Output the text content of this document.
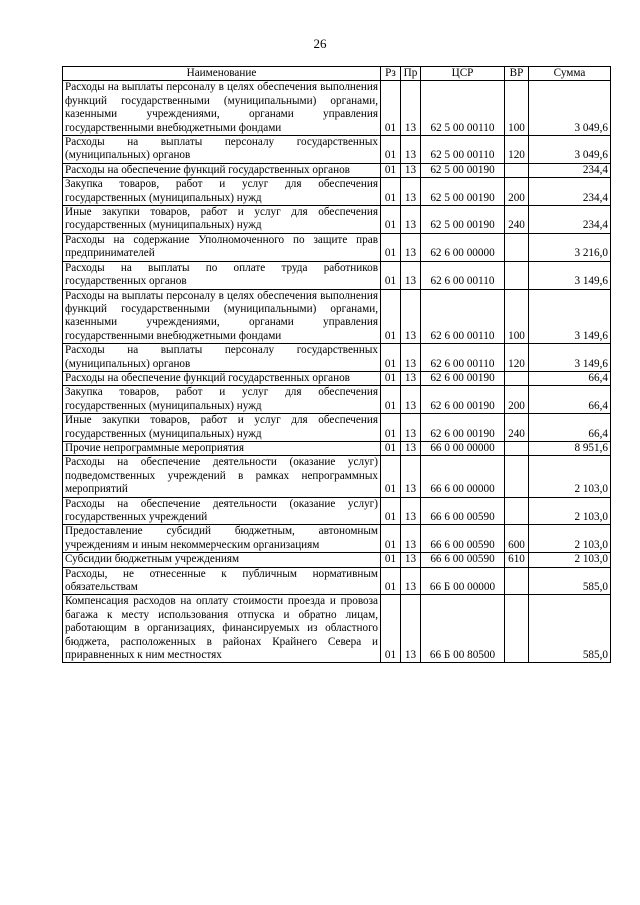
26
Наименование	Рз	Пр	ЦСР	ВР	Сумма
Расходы на выплаты персоналу в целях обеспечения выполнения функций государственными (муниципальными) органами, казенными учреждениями, органами управления государственными внебюджетными фондами	01	13	62 5 00 00110	100	3 049,6
Расходы на выплаты персоналу государственных (муниципальных) органов	01	13	62 5 00 00110	120	3 049,6
Расходы на обеспечение функций государственных органов	01	13	62 5 00 00190		234,4
Закупка товаров, работ и услуг для обеспечения государственных (муниципальных) нужд	01	13	62 5 00 00190	200	234,4
Иные закупки товаров, работ и услуг для обеспечения государственных (муниципальных) нужд	01	13	62 5 00 00190	240	234,4
Расходы на содержание Уполномоченного по защите прав предпринимателей	01	13	62 6 00 00000		3 216,0
Расходы на выплаты по оплате труда работников государственных органов	01	13	62 6 00 00110		3 149,6
Расходы на выплаты персоналу в целях обеспечения выполнения функций государственными (муниципальными) органами, казенными учреждениями, органами управления государственными внебюджетными фондами	01	13	62 6 00 00110	100	3 149,6
Расходы на выплаты персоналу государственных (муниципальных) органов	01	13	62 6 00 00110	120	3 149,6
Расходы на обеспечение функций государственных органов	01	13	62 6 00 00190		66,4
Закупка товаров, работ и услуг для обеспечения государственных (муниципальных) нужд	01	13	62 6 00 00190	200	66,4
Иные закупки товаров, работ и услуг для обеспечения государственных (муниципальных) нужд	01	13	62 6 00 00190	240	66,4
Прочие непрограммные мероприятия	01	13	66 0 00 00000		8 951,6
Расходы на обеспечение деятельности (оказание услуг) подведомственных учреждений в рамках непрограммных мероприятий	01	13	66 6 00 00000		2 103,0
Расходы на обеспечение деятельности (оказание услуг) государственных учреждений	01	13	66 6 00 00590		2 103,0
Предоставление субсидий бюджетным, автономным учреждениям и иным некоммерческим организациям	01	13	66 6 00 00590	600	2 103,0
Субсидии бюджетным учреждениям	01	13	66 6 00 00590	610	2 103,0
Расходы, не отнесенные к публичным нормативным обязательствам	01	13	66 Б 00 00000		585,0
Компенсация расходов на оплату стоимости проезда и провоза багажа к месту использования отпуска и обратно лицам, работающим в организациях, финансируемых из областного бюджета, расположенных в районах Крайнего Севера и приравненных к ним местностях	01	13	66 Б 00 80500		585,0
